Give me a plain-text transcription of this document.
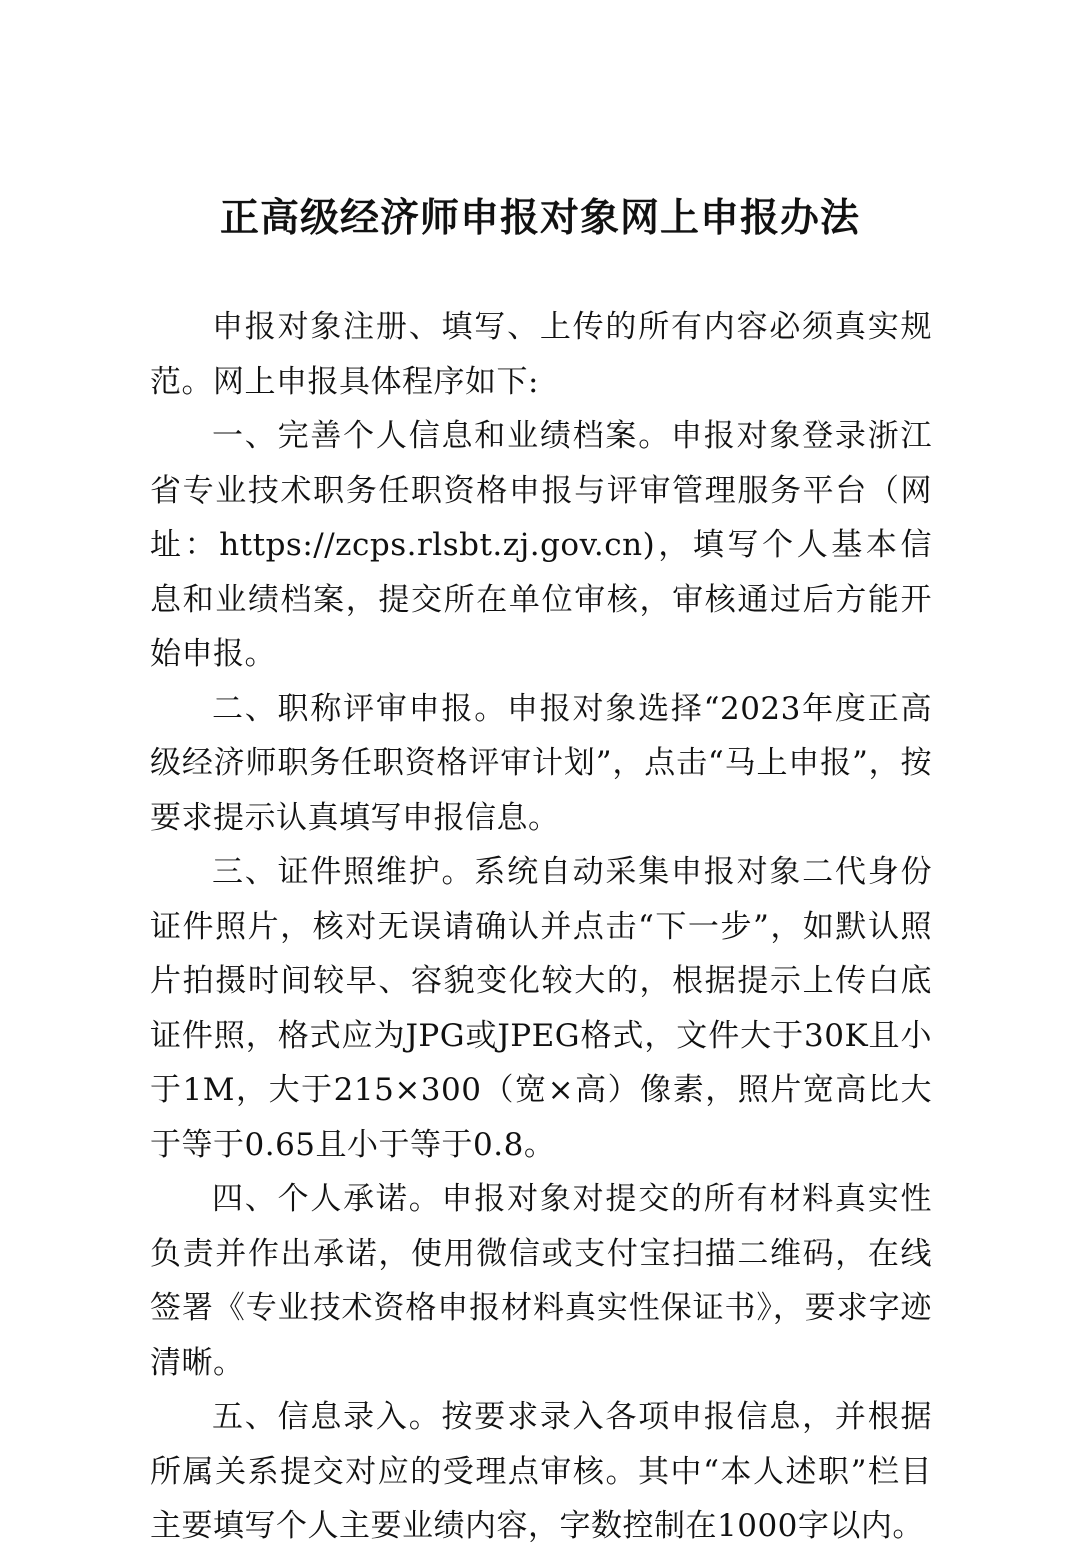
正高级经济师申报对象网上申报办法

申报对象注册、填写、上传的所有内容必须真实规范。网上申报具体程序如下:

一、完善个人信息和业绩档案。申报对象登录浙江省专业技术职务任职资格申报与评审管理服务平台（网址：https://zcps.rlsbt.zj.gov.cn)，填写个人基本信息和业绩档案，提交所在单位审核，审核通过后方能开始申报。

二、职称评审申报。申报对象选择“2023年度正高级经济师职务任职资格评审计划”，点击“马上申报”，按要求提示认真填写申报信息。

三、证件照维护。系统自动采集申报对象二代身份证件照片，核对无误请确认并点击“下一步”，如默认照片拍摄时间较早、容貌变化较大的，根据提示上传白底证件照，格式应为JPG或JPEG格式，文件大于30K且小于1M，大于215×300（宽×高）像素，照片宽高比大于等于0.65且小于等于0.8。

四、个人承诺。申报对象对提交的所有材料真实性负责并作出承诺，使用微信或支付宝扫描二维码，在线签署《专业技术资格申报材料真实性保证书》，要求字迹清晰。

五、信息录入。按要求录入各项申报信息，并根据所属关系提交对应的受理点审核。其中“本人述职”栏目主要填写个人主要业绩内容，字数控制在1000字以内。
